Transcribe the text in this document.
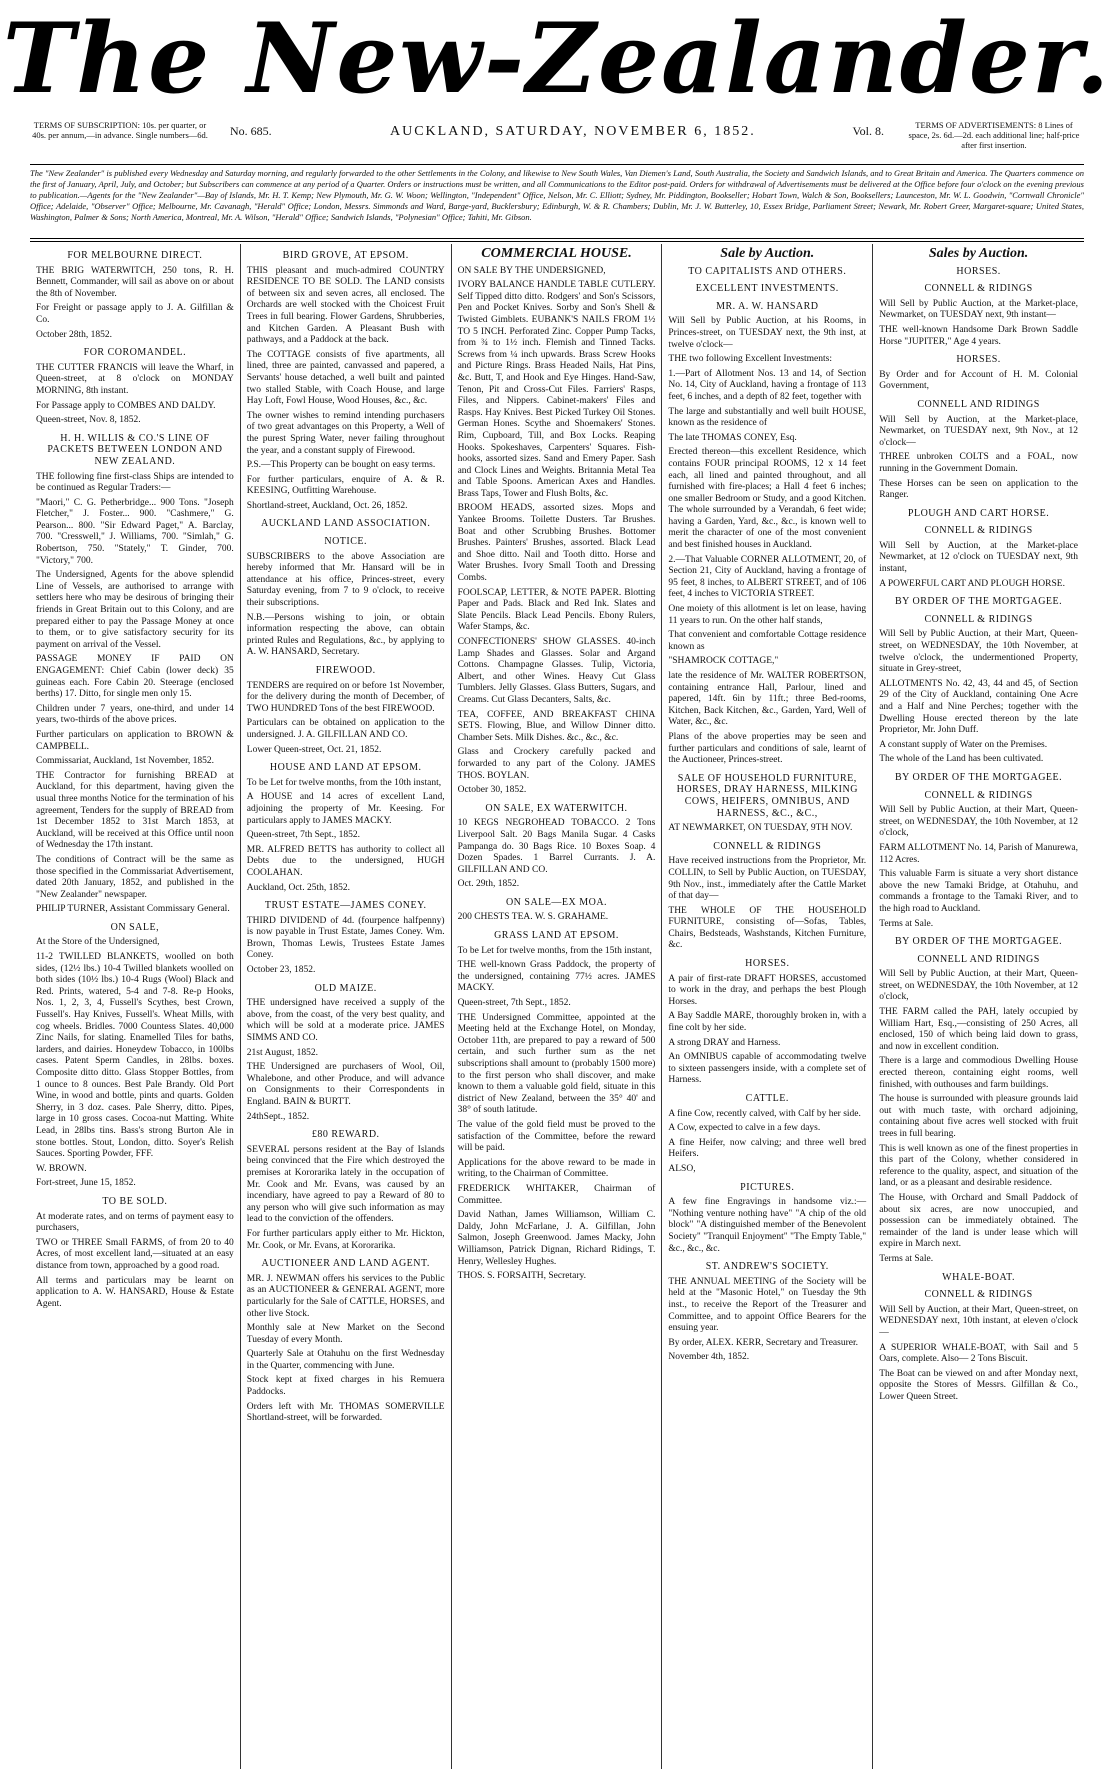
The New-Zealander.
TERMS OF SUBSCRIPTION: 10s. per quarter, or 40s. per annum,—in advance. Single numbers—6d. No. 685.	AUCKLAND, SATURDAY, NOVEMBER 6, 1852.	Vol. 8.	TERMS OF ADVERTISEMENTS: 8 Lines of space, 2s. 6d.—2d. each additional line; half-price after first insertion.
The "New Zealander" is published every Wednesday and Saturday morning, and regularly forwarded to the other Settlements in the Colony, and likewise to New South Wales, Van Diemen's Land, South Australia, the Society and Sandwich Islands, and to Great Britain and America. The Quarters commence on the first of January, April, July, and October; but Subscribers can commence at any period of a Quarter. Orders or instructions must be written, and all Communications to the Editor post-paid. Orders for withdrawal of Advertisements must be delivered at the Office before four o'clock on the evening previous to publication.—Agents for the "New Zealander"—Bay of Islands, Mr. H. T. Kemp; New Plymouth, Mr. G. W. Woon; Wellington, "Independent" Office, Nelson, Mr. C. Elliott; Sydney, Mr. Piddington, Bookseller; Hobart Town, Walch & Son, Booksellers; Launceston, Mr. W. L. Goodwin, "Cornwall Chronicle" Office; Adelaide, "Observer" Office; Melbourne, Mr. Cavanagh, "Herald" Office; London, Messrs. Simmonds and Ward, Barge-yard, Bucklersbury; Edinburgh, W. & R. Chambers; Dublin, Mr. J. W. Butterley, 10, Essex Bridge, Parliament Street; Newark, Mr. Robert Greer, Margaret-square; United States, Washington, Palmer & Sons; North America, Montreal, Mr. A. Wilson, "Herald" Office; Sandwich Islands, "Polynesian" Office; Tahiti, Mr. Gibson.
FOR MELBOURNE DIRECT.

THE BRIG WATERWITCH, 250 tons, R. H. Bennett, Commander, will sail as above on or about the 8th of November.

For Freight or passage apply to J. A. Gilfillan & Co.

October 28th, 1852.

FOR COROMANDEL.

THE CUTTER FRANCIS will leave the Wharf, in Queen-street, at 8 o'clock on MONDAY MORNING, 8th instant.

For Passage apply to COMBES AND DALDY.

Queen-street, Nov. 8, 1852.

H. H. WILLIS & CO.'S LINE OF PACKETS BETWEEN LONDON AND NEW ZEALAND.

THE following fine first-class Ships are intended to be continued as Regular Traders:—

"Maori," C. G. Petherbridge... 900 Tons. "Joseph Fletcher," J. Foster... 900. "Cashmere," G. Pearson... 800. "Sir Edward Paget," A. Barclay, 700. "Cresswell," J. Williams, 700. "Simlah," G. Robertson, 750. "Stately," T. Ginder, 700. "Victory," 700.

The Undersigned, Agents for the above splendid Line of Vessels, are authorised to arrange with settlers here who may be desirous of bringing their friends in Great Britain out to this Colony, and are prepared either to pay the Passage Money at once to them, or to give satisfactory security for its payment on arrival of the Vessel.

PASSAGE MONEY IF PAID ON ENGAGEMENT: Chief Cabin (lower deck) 35 guineas each. Fore Cabin 20. Steerage (enclosed berths) 17. Ditto, for single men only 15.

Children under 7 years, one-third, and under 14 years, two-thirds of the above prices.

Further particulars on application to BROWN & CAMPBELL.

Commissariat, Auckland, 1st November, 1852.

THE Contractor for furnishing BREAD at Auckland, for this department, having given the usual three months Notice for the termination of his agreement, Tenders for the supply of BREAD from 1st December 1852 to 31st March 1853, at Auckland, will be received at this Office until noon of Wednesday the 17th instant.

The conditions of Contract will be the same as those specified in the Commissariat Advertisement, dated 20th January, 1852, and published in the "New Zealander" newspaper.

PHILIP TURNER, Assistant Commissary General.

ON SALE,

At the Store of the Undersigned,

11-2 TWILLED BLANKETS, woolled on both sides, (12½ lbs.) 10-4 Twilled blankets woolled on both sides (10½ lbs.) 10-4 Rugs (Wool) Black and Red. Prints, watered, 5-4 and 7-8. Re-p Hooks, Nos. 1, 2, 3, 4, Fussell's Scythes, best Crown, Fussell's. Hay Knives, Fussell's. Wheat Mills, with cog wheels. Bridles. 7000 Countess Slates. 40,000 Zinc Nails, for slating. Enamelled Tiles for baths, larders, and dairies. Honeydew Tobacco, in 100lbs cases. Patent Sperm Candles, in 28lbs. boxes. Composite ditto ditto. Glass Stopper Bottles, from 1 ounce to 8 ounces. Best Pale Brandy. Old Port Wine, in wood and bottle, pints and quarts. Golden Sherry, in 3 doz. cases. Pale Sherry, ditto. Pipes, large in 10 gross cases. Cocoa-nut Matting. White Lead, in 28lbs tins. Bass's strong Burton Ale in stone bottles. Stout, London, ditto. Soyer's Relish Sauces. Sporting Powder, FFF.

W. BROWN.

Fort-street, June 15, 1852.

TO BE SOLD.

At moderate rates, and on terms of payment easy to purchasers,

TWO or THREE Small FARMS, of from 20 to 40 Acres, of most excellent land,—situated at an easy distance from town, approached by a good road.

All terms and particulars may be learnt on application to A. W. HANSARD, House & Estate Agent.

BIRD GROVE, AT EPSOM.

THIS pleasant and much-admired COUNTRY RESIDENCE TO BE SOLD. The LAND consists of between six and seven acres, all enclosed. The Orchards are well stocked with the Choicest Fruit Trees in full bearing. Flower Gardens, Shrubberies, and Kitchen Garden. A Pleasant Bush with pathways, and a Paddock at the back.

The COTTAGE consists of five apartments, all lined, three are painted, canvassed and papered, a Servants' house detached, a well built and painted two stalled Stable, with Coach House, and large Hay Loft, Fowl House, Wood Houses, &c., &c.

The owner wishes to remind intending purchasers of two great advantages on this Property, a Well of the purest Spring Water, never failing throughout the year, and a constant supply of Firewood.

P.S.—This Property can be bought on easy terms.

For further particulars, enquire of A. & R. KEESING, Outfitting Warehouse.

Shortland-street, Auckland, Oct. 26, 1852.

AUCKLAND LAND ASSOCIATION.
NOTICE.

SUBSCRIBERS to the above Association are hereby informed that Mr. Hansard will be in attendance at his office, Princes-street, every Saturday evening, from 7 to 9 o'clock, to receive their subscriptions.

N.B.—Persons wishing to join, or obtain information respecting the above, can obtain printed Rules and Regulations, &c., by applying to A. W. HANSARD, Secretary.

FIREWOOD.

TENDERS are required on or before 1st November, for the delivery during the month of December, of TWO HUNDRED Tons of the best FIREWOOD.

Particulars can be obtained on application to the undersigned. J. A. GILFILLAN AND CO.

Lower Queen-street, Oct. 21, 1852.

HOUSE AND LAND AT EPSOM.

To be Let for twelve months, from the 10th instant,

A HOUSE and 14 acres of excellent Land, adjoining the property of Mr. Keesing. For particulars apply to JAMES MACKY.

Queen-street, 7th Sept., 1852.

MR. ALFRED BETTS has authority to collect all Debts due to the undersigned, HUGH COOLAHAN.

Auckland, Oct. 25th, 1852.

TRUST ESTATE—JAMES CONEY.

THIRD DIVIDEND of 4d. (fourpence halfpenny) is now payable in Trust Estate, James Coney. Wm. Brown, Thomas Lewis, Trustees Estate James Coney.

October 23, 1852.

OLD MAIZE.

THE undersigned have received a supply of the above, from the coast, of the very best quality, and which will be sold at a moderate price. JAMES SIMMS AND CO.

21st August, 1852.

THE Undersigned are purchasers of Wool, Oil, Whalebone, and other Produce, and will advance on Consignments to their Correspondents in England. BAIN & BURTT.

24thSept., 1852.

£80 REWARD.

SEVERAL persons resident at the Bay of Islands being convinced that the Fire which destroyed the premises at Kororarika lately in the occupation of Mr. Cook and Mr. Evans, was caused by an incendiary, have agreed to pay a Reward of 80 to any person who will give such information as may lead to the conviction of the offenders.

For further particulars apply either to Mr. Hickton, Mr. Cook, or Mr. Evans, at Kororarika.

AUCTIONEER AND LAND AGENT.

MR. J. NEWMAN offers his services to the Public as an AUCTIONEER & GENERAL AGENT, more particularly for the Sale of CATTLE, HORSES, and other live Stock.

Monthly sale at New Market on the Second Tuesday of every Month.

Quarterly Sale at Otahuhu on the first Wednesday in the Quarter, commencing with June.

Stock kept at fixed charges in his Remuera Paddocks.

Orders left with Mr. THOMAS SOMERVILLE Shortland-street, will be forwarded.

COMMERCIAL HOUSE.

ON SALE BY THE UNDERSIGNED,

IVORY BALANCE HANDLE TABLE CUTLERY. Self Tipped ditto ditto. Rodgers' and Son's Scissors, Pen and Pocket Knives. Sorby and Son's Shell & Twisted Gimblets. EUBANK'S NAILS FROM 1½ TO 5 INCH. Perforated Zinc. Copper Pump Tacks, from ¾ to 1½ inch. Flemish and Tinned Tacks. Screws from ¼ inch upwards. Brass Screw Hooks and Picture Rings. Brass Headed Nails, Hat Pins, &c. Butt, T, and Hook and Eye Hinges. Hand-Saw, Tenon, Pit and Cross-Cut Files. Farriers' Rasps, Files, and Nippers. Cabinet-makers' Files and Rasps. Hay Knives. Best Picked Turkey Oil Stones. German Hones. Scythe and Shoemakers' Stones. Rim, Cupboard, Till, and Box Locks. Reaping Hooks. Spokeshaves, Carpenters' Squares. Fish-hooks, assorted sizes. Sand and Emery Paper. Sash and Clock Lines and Weights. Britannia Metal Tea and Table Spoons. American Axes and Handles. Brass Taps, Tower and Flush Bolts, &c.

BROOM HEADS, assorted sizes. Mops and Yankee Brooms. Toilette Dusters. Tar Brushes. Boat and other Scrubbing Brushes. Bottomer Brushes. Painters' Brushes, assorted. Black Lead and Shoe ditto. Nail and Tooth ditto. Horse and Water Brushes. Ivory Small Tooth and Dressing Combs.

FOOLSCAP, LETTER, & NOTE PAPER. Blotting Paper and Pads. Black and Red Ink. Slates and Slate Pencils. Black Lead Pencils. Ebony Rulers, Wafer Stamps, &c.

CONFECTIONERS' SHOW GLASSES. 40-inch Lamp Shades and Glasses. Solar and Argand Cottons. Champagne Glasses. Tulip, Victoria, Albert, and other Wines. Heavy Cut Glass Tumblers. Jelly Glasses. Glass Butters, Sugars, and Creams. Cut Glass Decanters, Salts, &c.

TEA, COFFEE, AND BREAKFAST CHINA SETS. Flowing, Blue, and Willow Dinner ditto. Chamber Sets. Milk Dishes. &c., &c., &c.

Glass and Crockery carefully packed and forwarded to any part of the Colony. JAMES THOS. BOYLAN.

October 30, 1852.

ON SALE, EX WATERWITCH.

10 KEGS NEGROHEAD TOBACCO. 2 Tons Liverpool Salt. 20 Bags Manila Sugar. 4 Casks Pampanga do. 30 Bags Rice. 10 Boxes Soap. 4 Dozen Spades. 1 Barrel Currants. J. A. GILFILLAN AND CO.

Oct. 29th, 1852.

ON SALE—EX MOA.

200 CHESTS TEA. W. S. GRAHAME.

GRASS LAND AT EPSOM.

To be Let for twelve months, from the 15th instant,

THE well-known Grass Paddock, the property of the undersigned, containing 77½ acres. JAMES MACKY.

Queen-street, 7th Sept., 1852.

THE Undersigned Committee, appointed at the Meeting held at the Exchange Hotel, on Monday, October 11th, are prepared to pay a reward of 500 certain, and such further sum as the net subscriptions shall amount to (probably 1500 more) to the first person who shall discover, and make known to them a valuable gold field, situate in this district of New Zealand, between the 35° 40' and 38° of south latitude.

The value of the gold field must be proved to the satisfaction of the Committee, before the reward will be paid.

Applications for the above reward to be made in writing, to the Chairman of Committee.

FREDERICK WHITAKER, Chairman of Committee.

David Nathan, James Williamson, William C. Daldy, John McFarlane, J. A. Gilfillan, John Salmon, Joseph Greenwood. James Macky, John Williamson, Patrick Dignan, Richard Ridings, T. Henry, Wellesley Hughes.

THOS. S. FORSAITH, Secretary.

Sale by Auction.
TO CAPITALISTS AND OTHERS.
EXCELLENT INVESTMENTS.
MR. A. W. HANSARD

Will Sell by Public Auction, at his Rooms, in Princes-street, on TUESDAY next, the 9th inst, at twelve o'clock—

THE two following Excellent Investments:

1.—Part of Allotment Nos. 13 and 14, of Section No. 14, City of Auckland, having a frontage of 113 feet, 6 inches, and a depth of 82 feet, together with

The large and substantially and well built HOUSE, known as the residence of

The late THOMAS CONEY, Esq.

Erected thereon—this excellent Residence, which contains FOUR principal ROOMS, 12 x 14 feet each, all lined and painted throughout, and all furnished with fire-places; a Hall 4 feet 6 inches; one smaller Bedroom or Study, and a good Kitchen. The whole surrounded by a Verandah, 6 feet wide; having a Garden, Yard, &c., &c., is known well to merit the character of one of the most convenient and best finished houses in Auckland.

2.—That Valuable CORNER ALLOTMENT, 20, of Section 21, City of Auckland, having a frontage of 95 feet, 8 inches, to ALBERT STREET, and of 106 feet, 4 inches to VICTORIA STREET.

One moiety of this allotment is let on lease, having 11 years to run. On the other half stands,

That convenient and comfortable Cottage residence known as

"SHAMROCK COTTAGE,"

late the residence of Mr. WALTER ROBERTSON, containing entrance Hall, Parlour, lined and papered, 14ft. 6in by 11ft.; three Bed-rooms, Kitchen, Back Kitchen, &c., Garden, Yard, Well of Water, &c., &c.

Plans of the above properties may be seen and further particulars and conditions of sale, learnt of the Auctioneer, Princes-street.

SALE OF HOUSEHOLD FURNITURE, HORSES, DRAY HARNESS, MILKING COWS, HEIFERS, OMNIBUS, AND HARNESS, &C., &C.,

AT NEWMARKET, ON TUESDAY, 9TH NOV.

CONNELL & RIDINGS

Have received instructions from the Proprietor, Mr. COLLIN, to Sell by Public Auction, on TUESDAY, 9th Nov., inst., immediately after the Cattle Market of that day—

THE WHOLE OF THE HOUSEHOLD FURNITURE, consisting of—Sofas, Tables, Chairs, Bedsteads, Washstands, Kitchen Furniture, &c.

HORSES.

A pair of first-rate DRAFT HORSES, accustomed to work in the dray, and perhaps the best Plough Horses.

A Bay Saddle MARE, thoroughly broken in, with a fine colt by her side.

A strong DRAY and Harness.

An OMNIBUS capable of accommodating twelve to sixteen passengers inside, with a complete set of Harness.

CATTLE.

A fine Cow, recently calved, with Calf by her side.

A Cow, expected to calve in a few days.

A fine Heifer, now calving; and three well bred Heifers.

ALSO,

PICTURES.

A few fine Engravings in handsome viz.:— "Nothing venture nothing have" "A chip of the old block" "A distinguished member of the Benevolent Society" "Tranquil Enjoyment" "The Empty Table," &c., &c., &c.

ST. ANDREW'S SOCIETY.

THE ANNUAL MEETING of the Society will be held at the "Masonic Hotel," on Tuesday the 9th inst., to receive the Report of the Treasurer and Committee, and to appoint Office Bearers for the ensuing year.

By order, ALEX. KERR, Secretary and Treasurer.

November 4th, 1852.

Sales by Auction.
HORSES.
CONNELL & RIDINGS

Will Sell by Public Auction, at the Market-place, Newmarket, on TUESDAY next, 9th instant—

THE well-known Handsome Dark Brown Saddle Horse "JUPITER," Age 4 years.

HORSES.

By Order and for Account of H. M. Colonial Government,

CONNELL AND RIDINGS

Will Sell by Auction, at the Market-place, Newmarket, on TUESDAY next, 9th Nov., at 12 o'clock—

THREE unbroken COLTS and a FOAL, now running in the Government Domain.

These Horses can be seen on application to the Ranger.

PLOUGH AND CART HORSE.
CONNELL & RIDINGS

Will Sell by Auction, at the Market-place Newmarket, at 12 o'clock on TUESDAY next, 9th instant,

A POWERFUL CART AND PLOUGH HORSE.

BY ORDER OF THE MORTGAGEE.
CONNELL & RIDINGS

Will Sell by Public Auction, at their Mart, Queen-street, on WEDNESDAY, the 10th November, at twelve o'clock, the undermentioned Property, situate in Grey-street,

ALLOTMENTS No. 42, 43, 44 and 45, of Section 29 of the City of Auckland, containing One Acre and a Half and Nine Perches; together with the Dwelling House erected thereon by the late Proprietor, Mr. John Duff.

A constant supply of Water on the Premises.

The whole of the Land has been cultivated.

BY ORDER OF THE MORTGAGEE.
CONNELL & RIDINGS

Will Sell by Public Auction, at their Mart, Queen-street, on WEDNESDAY, the 10th November, at 12 o'clock,

FARM ALLOTMENT No. 14, Parish of Manurewa, 112 Acres.

This valuable Farm is situate a very short distance above the new Tamaki Bridge, at Otahuhu, and commands a frontage to the Tamaki River, and to the high road to Auckland.

Terms at Sale.

BY ORDER OF THE MORTGAGEE.
CONNELL AND RIDINGS

Will Sell by Public Auction, at their Mart, Queen-street, on WEDNESDAY, the 10th November, at 12 o'clock,

THE FARM called the PAH, lately occupied by William Hart, Esq.,—consisting of 250 Acres, all enclosed, 150 of which being laid down to grass, and now in excellent condition.

There is a large and commodious Dwelling House erected thereon, containing eight rooms, well finished, with outhouses and farm buildings.

The house is surrounded with pleasure grounds laid out with much taste, with orchard adjoining, containing about five acres well stocked with fruit trees in full bearing.

This is well known as one of the finest properties in this part of the Colony, whether considered in reference to the quality, aspect, and situation of the land, or as a pleasant and desirable residence.

The House, with Orchard and Small Paddock of about six acres, are now unoccupied, and possession can be immediately obtained. The remainder of the land is under lease which will expire in March next.

Terms at Sale.

WHALE-BOAT.
CONNELL & RIDINGS

Will Sell by Auction, at their Mart, Queen-street, on WEDNESDAY next, 10th instant, at eleven o'clock—

A SUPERIOR WHALE-BOAT, with Sail and 5 Oars, complete. Also— 2 Tons Biscuit.

The Boat can be viewed on and after Monday next, opposite the Stores of Messrs. Gilfillan & Co., Lower Queen Street.
